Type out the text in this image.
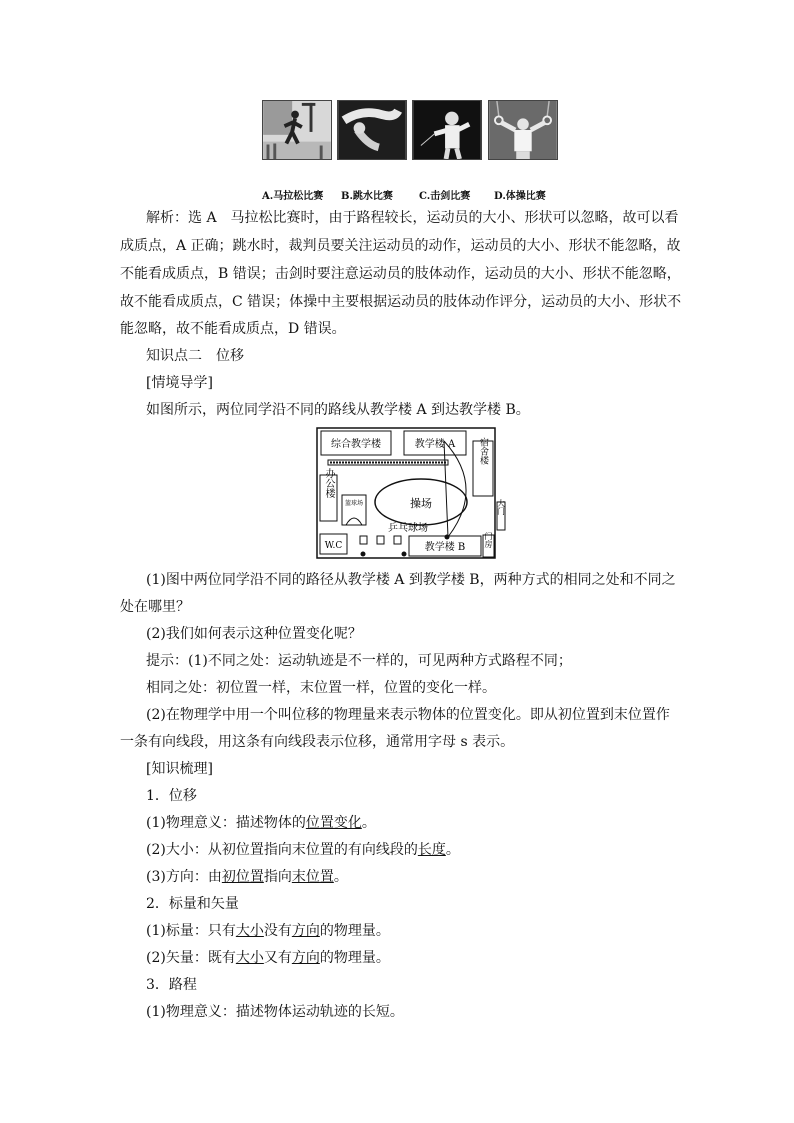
A.马拉松比赛 B.跳水比赛	C.击剑比赛 D.体操比赛
解析：选 A　马拉松比赛时，由于路程较长，运动员的大小、形状可以忽略，故可以看
成质点，A 正确；跳水时，裁判员要关注运动员的动作，运动员的大小、形状不能忽略，故
不能看成质点，B 错误；击剑时要注意运动员的肢体动作，运动员的大小、形状不能忽略，
故不能看成质点，C 错误；体操中主要根据运动员的肢体动作评分，运动员的大小、形状不
能忽略，故不能看成质点，D 错误。
知识点二　位移
[情境导学]
如图所示，两位同学沿不同的路线从教学楼 A 到达教学楼 B。
综合教学楼	教学楼 A	宿舍楼
办公楼
篮球场	操场	大门
乒乓球场
W.C	教学楼 B 门房
(1)图中两位同学沿不同的路径从教学楼 A 到教学楼 B，两种方式的相同之处和不同之
处在哪里？
(2)我们如何表示这种位置变化呢？
提示：(1)不同之处：运动轨迹是不一样的，可见两种方式路程不同；
相同之处：初位置一样，末位置一样，位置的变化一样。
(2)在物理学中用一个叫位移的物理量来表示物体的位置变化。即从初位置到末位置作
一条有向线段，用这条有向线段表示位移，通常用字母 s 表示。
[知识梳理]
1．位移
(1)物理意义：描述物体的位置变化。
(2)大小：从初位置指向末位置的有向线段的长度。
(3)方向：由初位置指向末位置。
2．标量和矢量
(1)标量：只有大小没有方向的物理量。
(2)矢量：既有大小又有方向的物理量。
3．路程
(1)物理意义：描述物体运动轨迹的长短。
